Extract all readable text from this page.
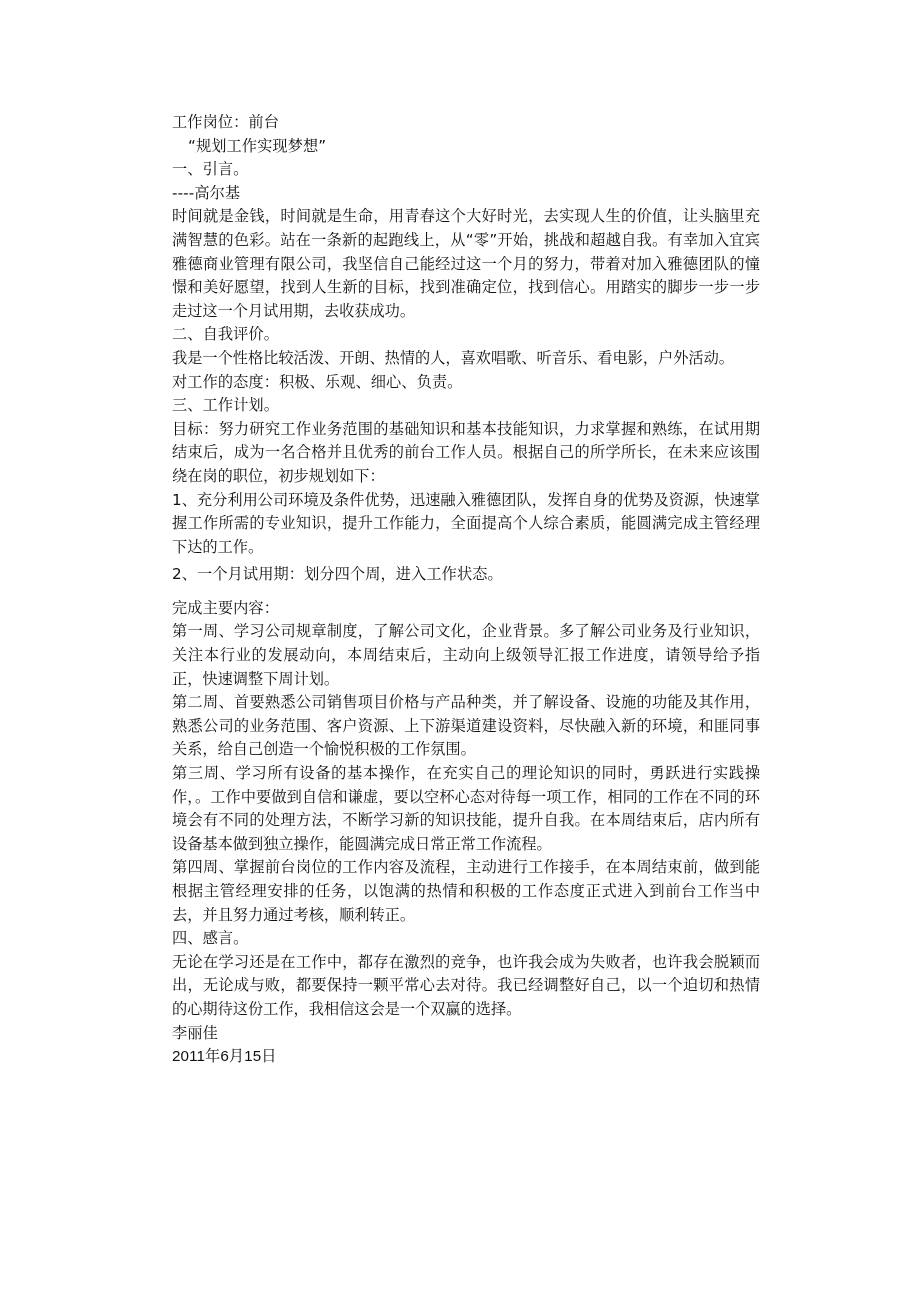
工作岗位：前台
“规划工作实现梦想”
一、引言。
----高尔基
时间就是金钱，时间就是生命，用青春这个大好时光，去实现人生的价值，让头脑里充满智慧的色彩。站在一条新的起跑线上，从“零”开始，挑战和超越自我。有幸加入宜宾雅德商业管理有限公司，我坚信自己能经过这一个月的努力，带着对加入雅德团队的憧憬和美好愿望，找到人生新的目标，找到准确定位，找到信心。用踏实的脚步一步一步走过这一个月试用期，去收获成功。
二、自我评价。
我是一个性格比较活泼、开朗、热情的人，喜欢唱歌、听音乐、看电影，户外活动。
对工作的态度：积极、乐观、细心、负责。
三、工作计划。
目标：努力研究工作业务范围的基础知识和基本技能知识，力求掌握和熟练，在试用期结束后，成为一名合格并且优秀的前台工作人员。根据自己的所学所长，在未来应该围绕在岗的职位，初步规划如下：
1、充分利用公司环境及条件优势，迅速融入雅德团队，发挥自身的优势及资源，快速掌握工作所需的专业知识，提升工作能力，全面提高个人综合素质，能圆满完成主管经理下达的工作。
2、一个月试用期：划分四个周，进入工作状态。
完成主要内容：
第一周、学习公司规章制度，了解公司文化，企业背景。多了解公司业务及行业知识，关注本行业的发展动向，本周结束后，主动向上级领导汇报工作进度，请领导给予指正，快速调整下周计划。
第二周、首要熟悉公司销售项目价格与产品种类，并了解设备、设施的功能及其作用，熟悉公司的业务范围、客户资源、上下游渠道建设资料，尽快融入新的环境，和匪同事关系，给自己创造一个愉悦积极的工作氛围。
第三周、学习所有设备的基本操作，在充实自己的理论知识的同时，勇跃进行实践操作，。工作中要做到自信和谦虚，要以空杯心态对待每一项工作，相同的工作在不同的环境会有不同的处理方法，不断学习新的知识技能，提升自我。在本周结束后，店内所有设备基本做到独立操作，能圆满完成日常正常工作流程。
第四周、掌握前台岗位的工作内容及流程，主动进行工作接手，在本周结束前，做到能根据主管经理安排的任务，以饱满的热情和积极的工作态度正式进入到前台工作当中去，并且努力通过考核，顺利转正。
四、感言。
无论在学习还是在工作中，都存在激烈的竞争，也许我会成为失败者，也许我会脱颖而出，无论成与败，都要保持一颗平常心去对待。我已经调整好自己，以一个迫切和热情的心期待这份工作，我相信这会是一个双赢的选择。
李丽佳
2011年6月15日
